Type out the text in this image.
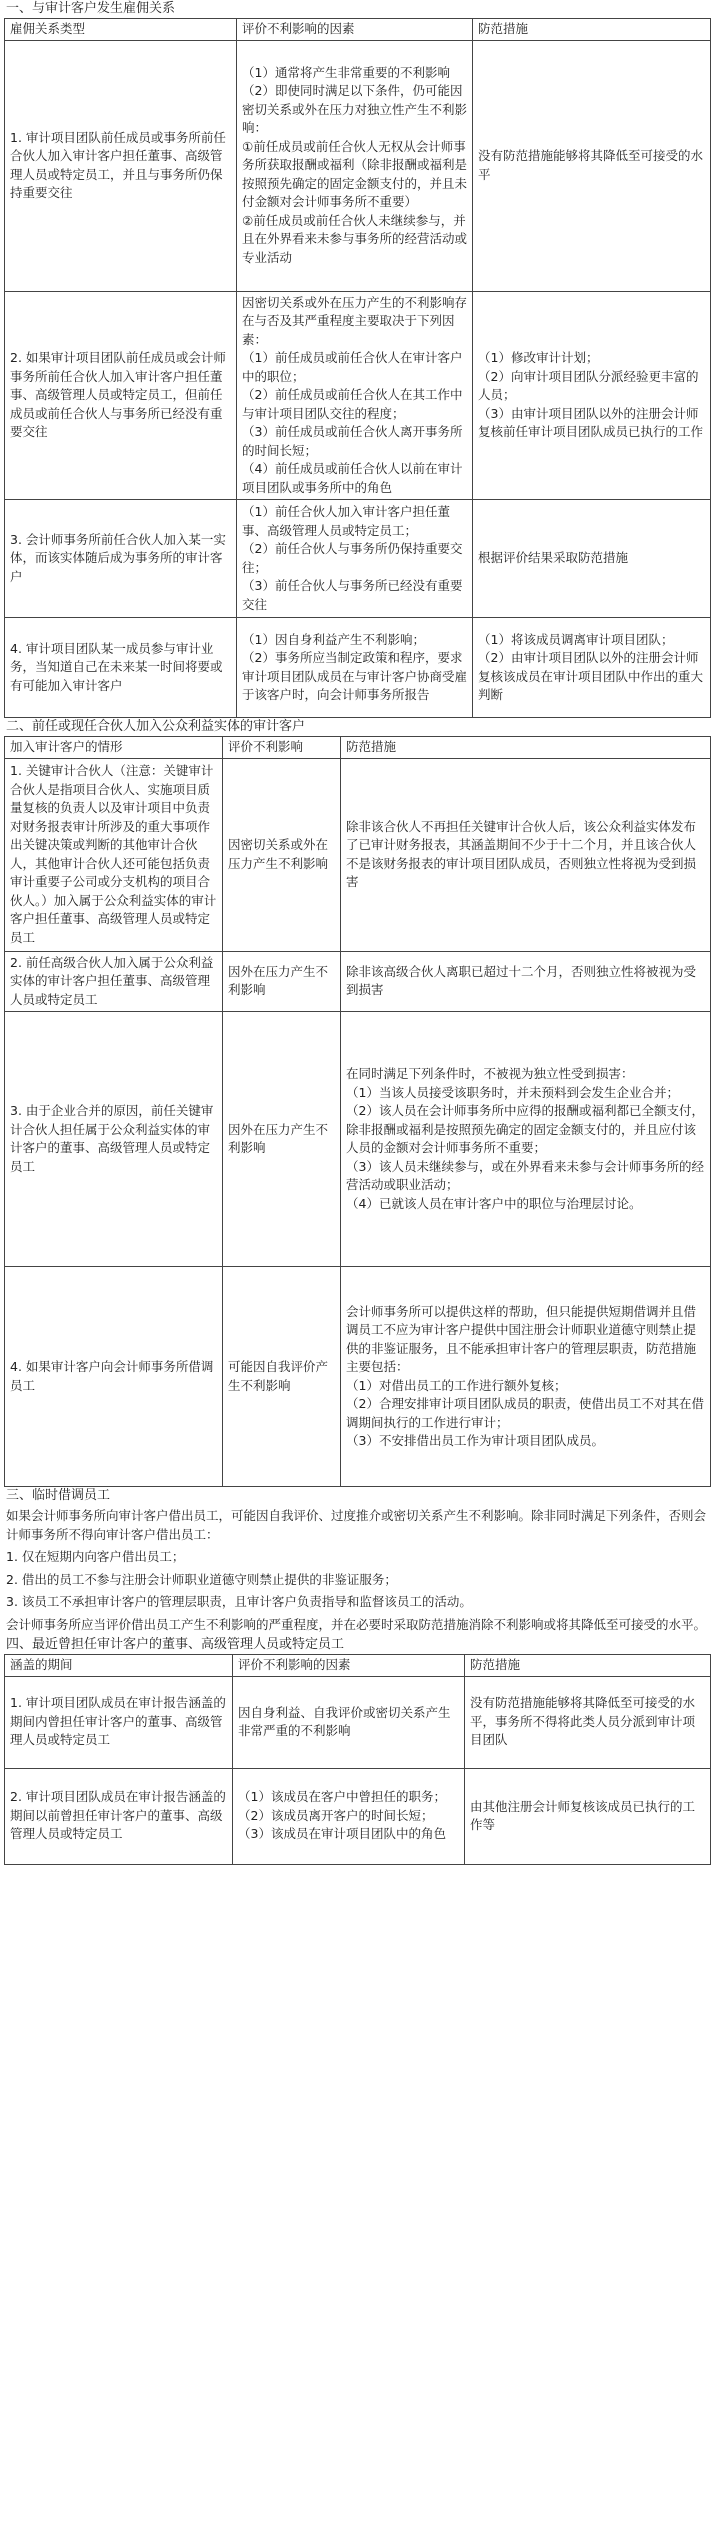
一、与审计客户发生雇佣关系
雇佣关系类型	评价不利影响的因素	防范措施
1. 审计项目团队前任成员或事务所前任合伙人加入审计客户担任董事、高级管理人员或特定员工，并且与事务所仍保持重要交往	（1）通常将产生非常重要的不利影响
（2）即使同时满足以下条件，仍可能因密切关系或外在压力对独立性产生不利影响：
①前任成员或前任合伙人无权从会计师事务所获取报酬或福利（除非报酬或福利是按照预先确定的固定金额支付的，并且未付金额对会计师事务所不重要）
②前任成员或前任合伙人未继续参与，并且在外界看来未参与事务所的经营活动或专业活动	没有防范措施能够将其降低至可接受的水平
2. 如果审计项目团队前任成员或会计师事务所前任合伙人加入审计客户担任董事、高级管理人员或特定员工，但前任成员或前任合伙人与事务所已经没有重要交往	因密切关系或外在压力产生的不利影响存在与否及其严重程度主要取决于下列因素：
（1）前任成员或前任合伙人在审计客户中的职位；
（2）前任成员或前任合伙人在其工作中与审计项目团队交往的程度；
（3）前任成员或前任合伙人离开事务所的时间长短；
（4）前任成员或前任合伙人以前在审计项目团队或事务所中的角色	（1）修改审计计划；
（2）向审计项目团队分派经验更丰富的人员；
（3）由审计项目团队以外的注册会计师复核前任审计项目团队成员已执行的工作
3. 会计师事务所前任合伙人加入某一实体，而该实体随后成为事务所的审计客户	（1）前任合伙人加入审计客户担任董事、高级管理人员或特定员工；
（2）前任合伙人与事务所仍保持重要交往；
（3）前任合伙人与事务所已经没有重要交往	根据评价结果采取防范措施
4. 审计项目团队某一成员参与审计业务，当知道自己在未来某一时间将要或有可能加入审计客户	（1）因自身利益产生不利影响；
（2）事务所应当制定政策和程序，要求审计项目团队成员在与审计客户协商受雇于该客户时，向会计师事务所报告	（1）将该成员调离审计项目团队；
（2）由审计项目团队以外的注册会计师复核该成员在审计项目团队中作出的重大判断
二、前任或现任合伙人加入公众利益实体的审计客户
加入审计客户的情形	评价不利影响	防范措施
1. 关键审计合伙人（注意：关键审计合伙人是指项目合伙人、实施项目质量复核的负责人以及审计项目中负责对财务报表审计所涉及的重大事项作出关键决策或判断的其他审计合伙人，其他审计合伙人还可能包括负责审计重要子公司或分支机构的项目合伙人。）加入属于公众利益实体的审计客户担任董事、高级管理人员或特定员工	因密切关系或外在压力产生不利影响	除非该合伙人不再担任关键审计合伙人后，该公众利益实体发布了已审计财务报表，其涵盖期间不少于十二个月，并且该合伙人不是该财务报表的审计项目团队成员，否则独立性将视为受到损害
2. 前任高级合伙人加入属于公众利益实体的审计客户担任董事、高级管理人员或特定员工	因外在压力产生不利影响	除非该高级合伙人离职已超过十二个月，否则独立性将被视为受到损害
3. 由于企业合并的原因，前任关键审计合伙人担任属于公众利益实体的审计客户的董事、高级管理人员或特定员工	因外在压力产生不利影响	在同时满足下列条件时，不被视为独立性受到损害：
（1）当该人员接受该职务时，并未预料到会发生企业合并；
（2）该人员在会计师事务所中应得的报酬或福利都已全额支付，除非报酬或福利是按照预先确定的固定金额支付的，并且应付该人员的金额对会计师事务所不重要；
（3）该人员未继续参与，或在外界看来未参与会计师事务所的经营活动或职业活动；
（4）已就该人员在审计客户中的职位与治理层讨论。
4. 如果审计客户向会计师事务所借调员工	可能因自我评价产生不利影响	会计师事务所可以提供这样的帮助，但只能提供短期借调并且借调员工不应为审计客户提供中国注册会计师职业道德守则禁止提供的非鉴证服务，且不能承担审计客户的管理层职责，防范措施主要包括：
（1）对借出员工的工作进行额外复核；
（2）合理安排审计项目团队成员的职责，使借出员工不对其在借调期间执行的工作进行审计；
（3）不安排借出员工作为审计项目团队成员。
三、临时借调员工

如果会计师事务所向审计客户借出员工，可能因自我评价、过度推介或密切关系产生不利影响。除非同时满足下列条件，否则会计师事务所不得向审计客户借出员工：

1. 仅在短期内向客户借出员工；

2. 借出的员工不参与注册会计师职业道德守则禁止提供的非鉴证服务；

3. 该员工不承担审计客户的管理层职责，且审计客户负责指导和监督该员工的活动。

会计师事务所应当评价借出员工产生不利影响的严重程度，并在必要时采取防范措施消除不利影响或将其降低至可接受的水平。

四、最近曾担任审计客户的董事、高级管理人员或特定员工
涵盖的期间	评价不利影响的因素	防范措施
1. 审计项目团队成员在审计报告涵盖的期间内曾担任审计客户的董事、高级管理人员或特定员工	因自身利益、自我评价或密切关系产生非常严重的不利影响	没有防范措施能够将其降低至可接受的水平，事务所不得将此类人员分派到审计项目团队
2. 审计项目团队成员在审计报告涵盖的期间以前曾担任审计客户的董事、高级管理人员或特定员工	（1）该成员在客户中曾担任的职务；
（2）该成员离开客户的时间长短；
（3）该成员在审计项目团队中的角色	由其他注册会计师复核该成员已执行的工作等
